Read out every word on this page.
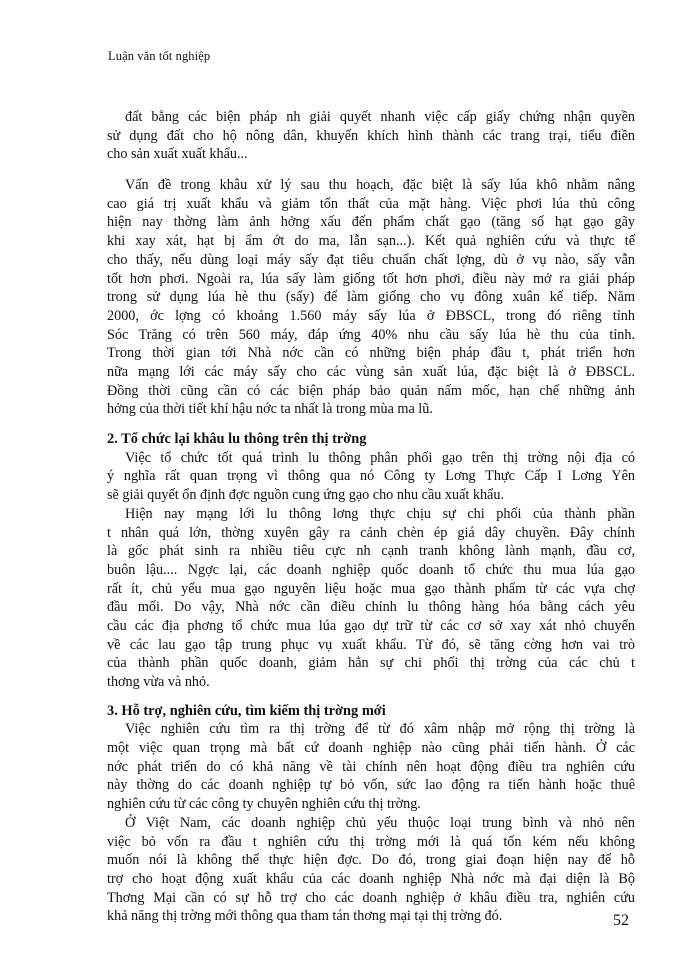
Luận văn tốt nghiệp
đất bằng các biện pháp nh giải quyết nhanh việc cấp giấy chứng nhận quyền
sử dụng đất cho hộ nông dân, khuyến khích hình thành các trang trại, tiểu điền
cho sản xuất xuất khẩu...
Vấn đề trong khâu xử lý sau thu hoạch, đặc biệt là sấy lúa khô nhằm nâng
cao giá trị xuất khẩu và giảm tổn thất của mặt hàng. Việc phơi lúa thủ công
hiện nay thờng làm ảnh hởng xấu đến phẩm chất gạo (tăng số hạt gạo gãy
khi xay xát, hạt bị ẩm ớt do ma, lẫn sạn...). Kết quả nghiên cứu và thực tế
cho thấy, nếu dùng loại máy sấy đạt tiêu chuẩn chất lợng, dù ở vụ nào, sấy vẫn
tốt hơn phơi. Ngoài ra, lúa sấy làm giống tốt hơn phơi, điều này mở ra giải pháp
trong sử dụng lúa hè thu (sấy) để làm giống cho vụ đông xuân kế tiếp. Năm
2000, ớc lợng có khoảng 1.560 máy sấy lúa ở ĐBSCL, trong đó riêng tỉnh
Sóc Trăng có trên 560 máy, đáp ứng 40% nhu cầu sấy lúa hè thu của tỉnh.
Trong thời gian tới Nhà nớc cần có những biện pháp đầu t, phát triển hơn
nữa mạng lới các máy sấy cho các vùng sản xuất lúa, đặc biệt là ở ĐBSCL.
Đồng thời cũng cần có các biện pháp bảo quản nấm mốc, hạn chế những ảnh
hởng của thời tiết khí hậu nớc ta nhất là trong mùa ma lũ.
2. Tổ chức lại khâu lu thông trên thị trờng
Việc tổ chức tốt quá trình lu thông phân phối gạo trên thị trờng nội địa có
ý nghĩa rất quan trọng vì thông qua nó Công ty Lơng Thực Cấp I Lơng Yên
sẽ giải quyết ổn định đợc nguồn cung ứng gạo cho nhu cầu xuất khẩu.
Hiện nay mạng lới lu thông lơng thực chịu sự chi phối của thành phần
t nhân quá lớn, thờng xuyên gây ra cảnh chèn ép giá dây chuyền. Đây chính
là gốc phát sinh ra nhiều tiêu cực nh cạnh tranh không lành mạnh, đầu cơ,
buôn lậu.... Ngợc lại, các doanh nghiệp quốc doanh tổ chức thu mua lúa gạo
rất ít, chủ yếu mua gạo nguyên liệu hoặc mua gạo thành phẩm từ các vựa chợ
đầu mối. Do vậy, Nhà nớc cần điều chỉnh lu thông hàng hóa bằng cách yêu
cầu các địa phơng tổ chức mua lúa gạo dự trữ từ các cơ sở xay xát nhỏ chuyển
về các lau gạo tập trung phục vụ xuất khẩu. Từ đó, sẽ tăng cờng hơn vai trò
của thành phần quốc doanh, giảm hẳn sự chi phối thị trờng của các chủ t
thơng vừa và nhỏ.
3. Hỗ trợ, nghiên cứu, tìm kiếm thị trờng mới
Việc nghiên cứu tìm ra thị trờng để từ đó xâm nhập mở rộng thị trờng là
một việc quan trọng mà bất cứ doanh nghiệp nào cũng phải tiến hành. Ở các
nớc phát triển do có khả năng về tài chính nên hoạt động điều tra nghiên cứu
này thờng do các doanh nghiệp tự bỏ vốn, sức lao động ra tiến hành hoặc thuê
nghiên cứu từ các công ty chuyên nghiên cứu thị trờng.
Ở Việt Nam, các doanh nghiệp chủ yếu thuộc loại trung bình và nhỏ nên
việc bỏ vốn ra đầu t nghiên cứu thị trờng mới là quá tốn kém nếu không
muốn nói là không thể thực hiện đợc. Do đó, trong giai đoạn hiện nay để hỗ
trợ cho hoạt động xuất khẩu của các doanh nghiệp Nhà nớc mà đại diện là Bộ
Thơng Mại cần có sự hỗ trợ cho các doanh nghiệp ở khâu điều tra, nghiên cứu
khả năng thị trờng mới thông qua tham tán thơng mại tại thị trờng đó.	52
